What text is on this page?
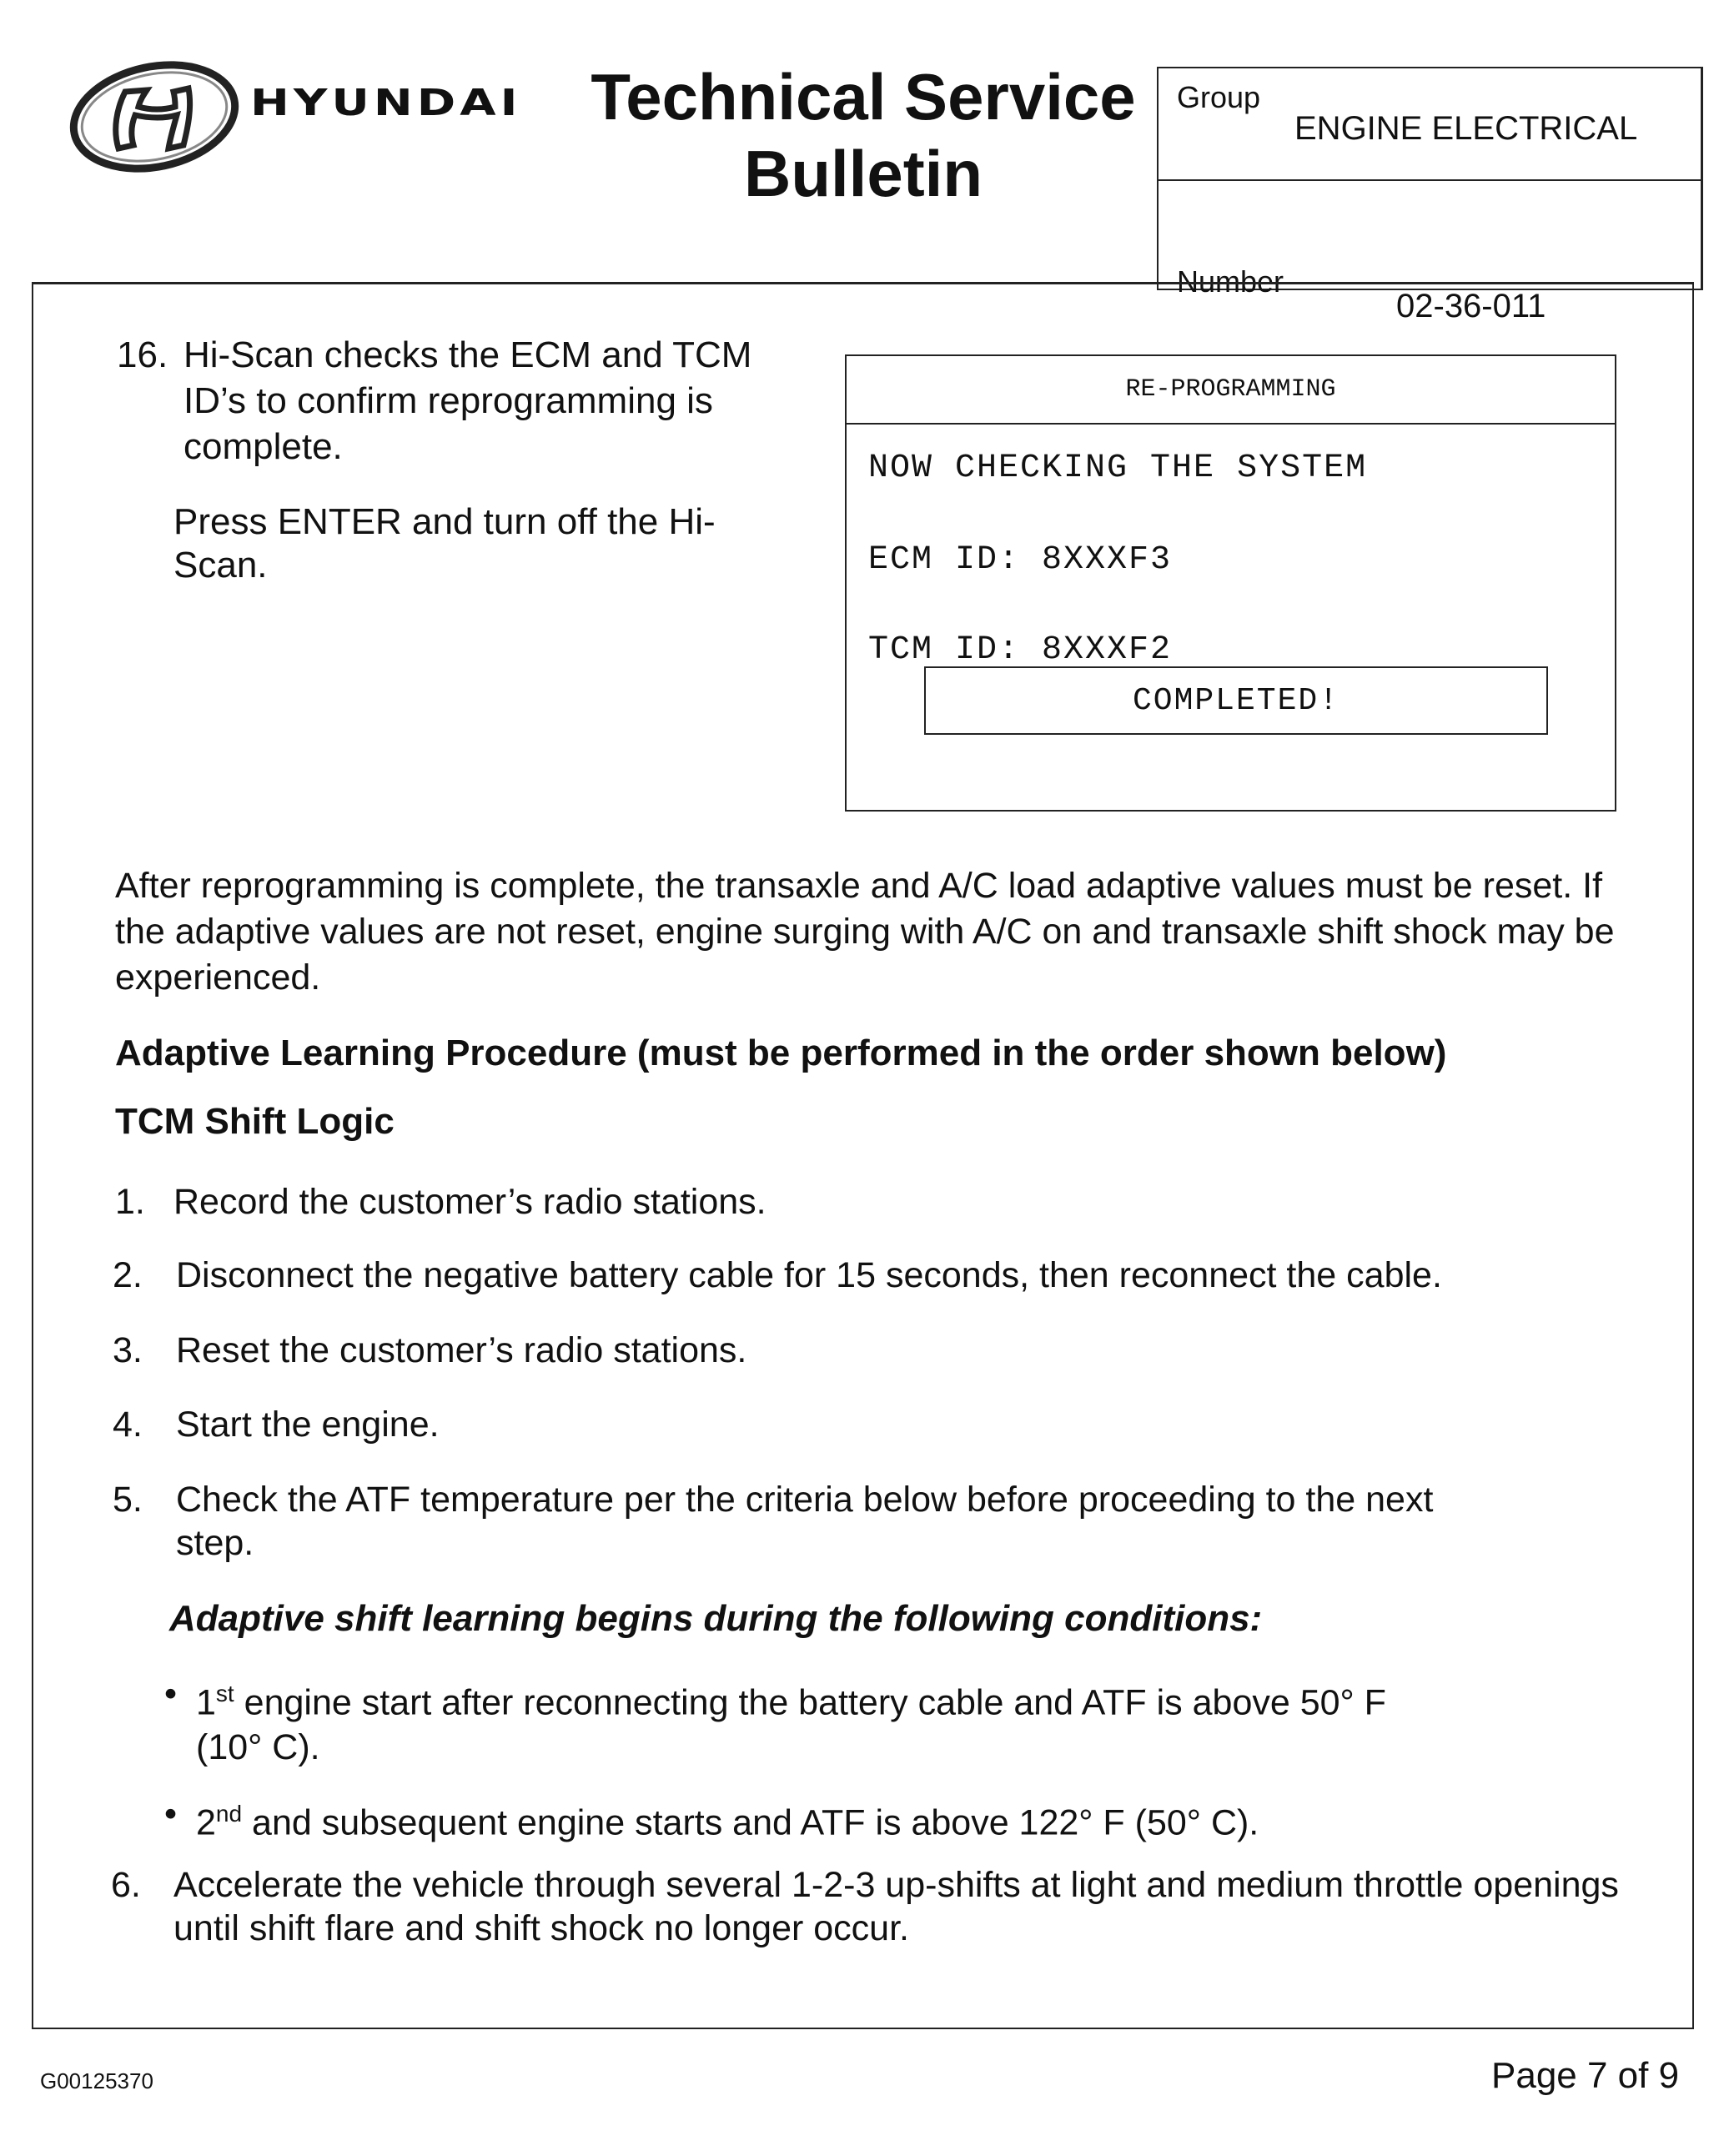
HYUNDAI Technical Service Bulletin
Group
ENGINE ELECTRICAL
Number
02-36-011
16. Hi-Scan checks the ECM and TCM ID’s to confirm reprogramming is complete.
Press ENTER and turn off the Hi-Scan.
RE-PROGRAMMING
NOW CHECKING THE SYSTEM
ECM ID: 8XXXF3
TCM ID: 8XXXF2
COMPLETED!
After reprogramming is complete, the transaxle and A/C load adaptive values must be reset. If the adaptive values are not reset, engine surging with A/C on and transaxle shift shock may be experienced.
Adaptive Learning Procedure (must be performed in the order shown below)
TCM Shift Logic
1. Record the customer’s radio stations.
2. Disconnect the negative battery cable for 15 seconds, then reconnect the cable.
3. Reset the customer’s radio stations.
4. Start the engine.
5. Check the ATF temperature per the criteria below before proceeding to the next step.
Adaptive shift learning begins during the following conditions:
• 1st engine start after reconnecting the battery cable and ATF is above 50° F (10° C).
• 2nd and subsequent engine starts and ATF is above 122° F (50° C).
6. Accelerate the vehicle through several 1-2-3 up-shifts at light and medium throttle openings until shift flare and shift shock no longer occur.
G00125370	Page 7 of 9
